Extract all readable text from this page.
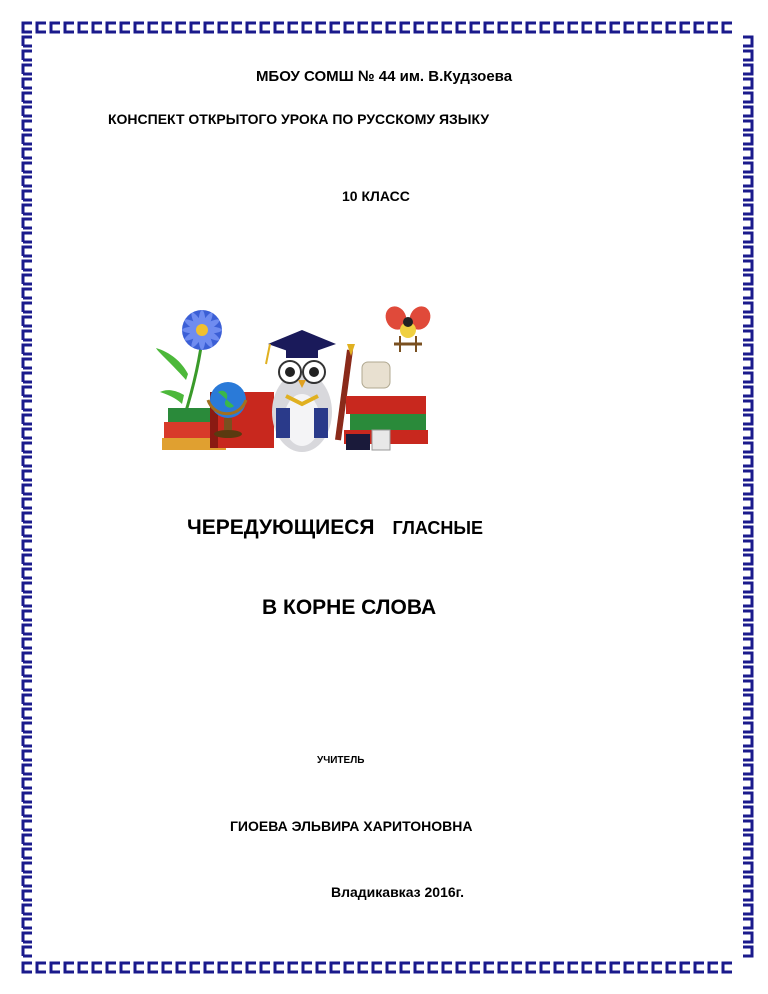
МБОУ СОМШ № 44 им. В.Кудзоева

КОНСПЕКТ ОТКРЫТОГО УРОКА ПО РУССКОМУ ЯЗЫКУ

10 КЛАСС

ЧЕРЕДУЮЩИЕСЯ ГЛАСНЫЕ

В КОРНЕ СЛОВА

УЧИТЕЛЬ

ГИОЕВА ЭЛЬВИРА ХАРИТОНОВНА

Владикавказ 2016г.
